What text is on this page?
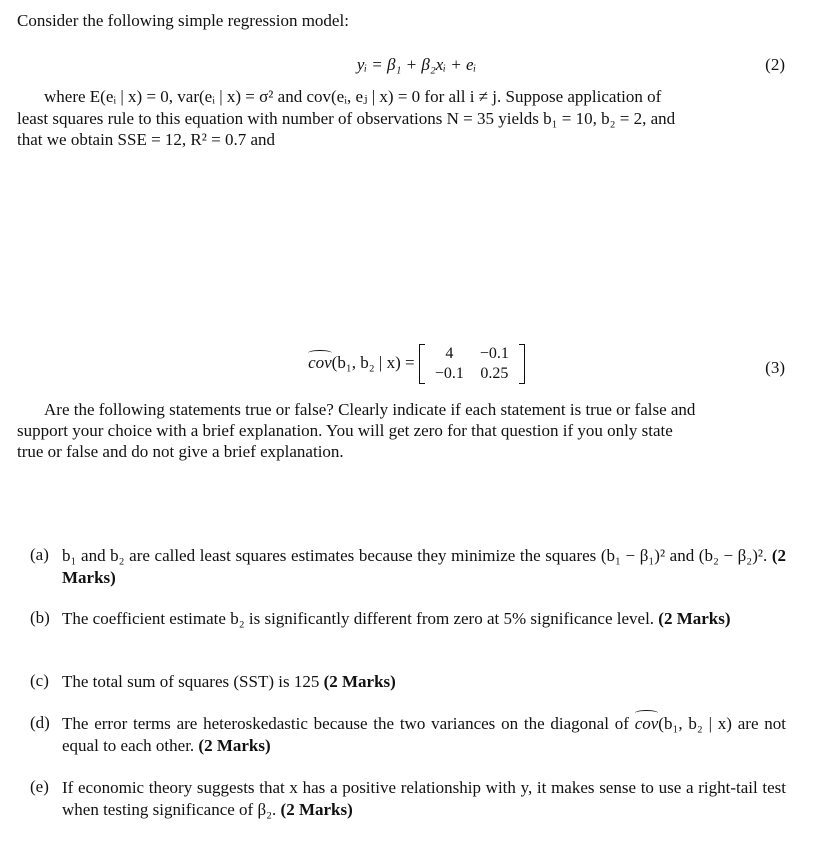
Consider the following simple regression model:
yᵢ = β₁ + β₂xᵢ + eᵢ	(2)
where E(eᵢ | x) = 0, var(eᵢ | x) = σ² and cov(eᵢ, eⱼ | x) = 0 for all i ≠ j. Suppose application of
least squares rule to this equation with number of observations N = 35 yields b₁ = 10, b₂ = 2, and
that we obtain SSE = 12, R² = 0.7 and
cov(b₁, b₂ | x) = 4	−0.1
−0.1	0.25	(3)
Are the following statements true or false? Clearly indicate if each statement is true or false and
support your choice with a brief explanation. You will get zero for that question if you only state
true or false and do not give a brief explanation.
(a) b₁ and b₂ are called least squares estimates because they minimize the squares (b₁ − β₁)² and (b₂ − β₂)². (2 Marks)
(b) The coefficient estimate b₂ is significantly different from zero at 5% significance level. (2 Marks)
(c) The total sum of squares (SST) is 125 (2 Marks)
(d) The error terms are heteroskedastic because the two variances on the diagonal of cov(b₁, b₂ | x) are not equal to each other. (2 Marks)
(e) If economic theory suggests that x has a positive relationship with y, it makes sense to use a right-tail test when testing significance of β₂. (2 Marks)
